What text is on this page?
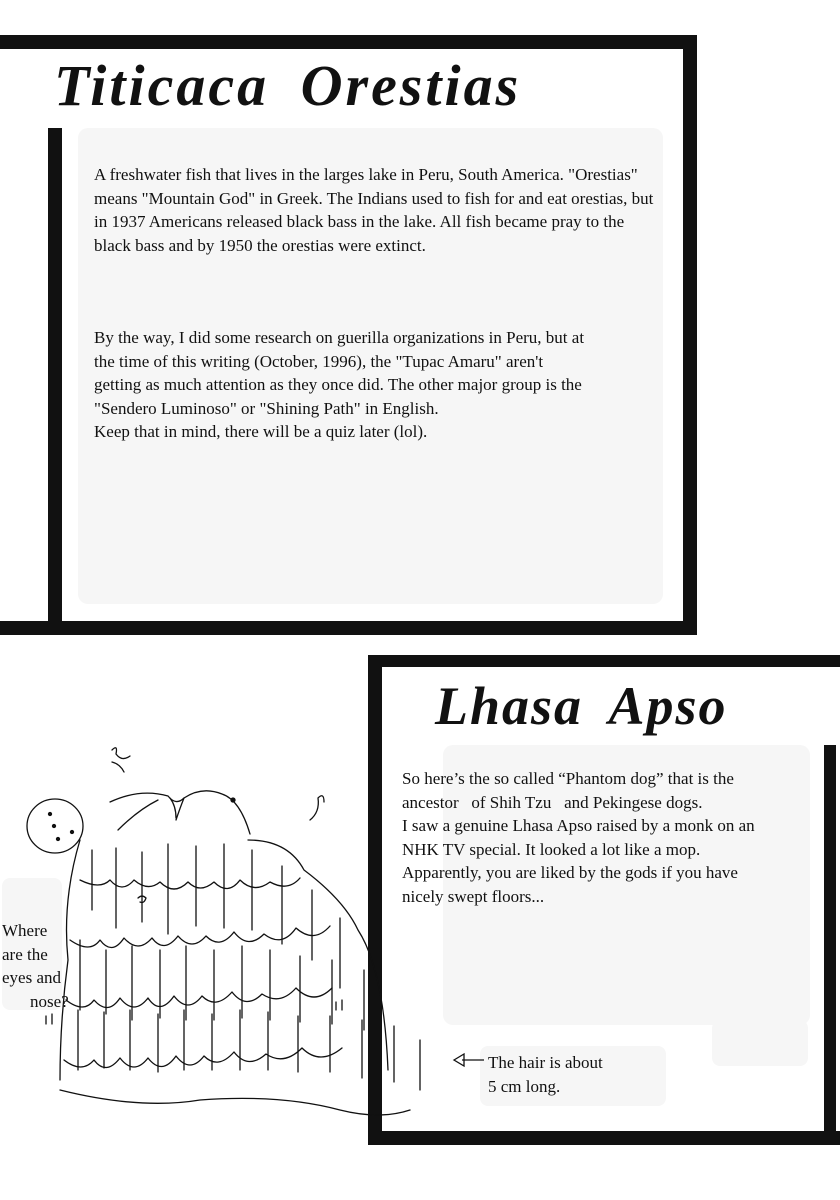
Titicaca Orestias

A freshwater fish that lives in the larges lake in Peru, South America. "Orestias" means "Mountain God" in Greek. The Indians used to fish for and eat orestias, but in 1937 Americans released black bass in the lake. All fish became pray to the black bass and by 1950 the orestias were extinct.

By the way, I did some research on guerilla organizations in Peru, but at
the time of this writing (October, 1996), the "Tupac Amaru" aren't
getting as much attention as they once did. The other major group is the
"Sendero Luminoso" or "Shining Path" in English.
Keep that in mind, there will be a quiz later (lol).

Lhasa Apso

So here’s the so called “Phantom dog” that is the
ancestor   of Shih Tzu   and Pekingese dogs.
I saw a genuine Lhasa Apso raised by a monk on an
NHK TV special. It looked a lot like a mop.
Apparently, you are liked by the gods if you have
nicely swept floors...

Where
are the
eyes and
nose?

The hair is about
5 cm long.
